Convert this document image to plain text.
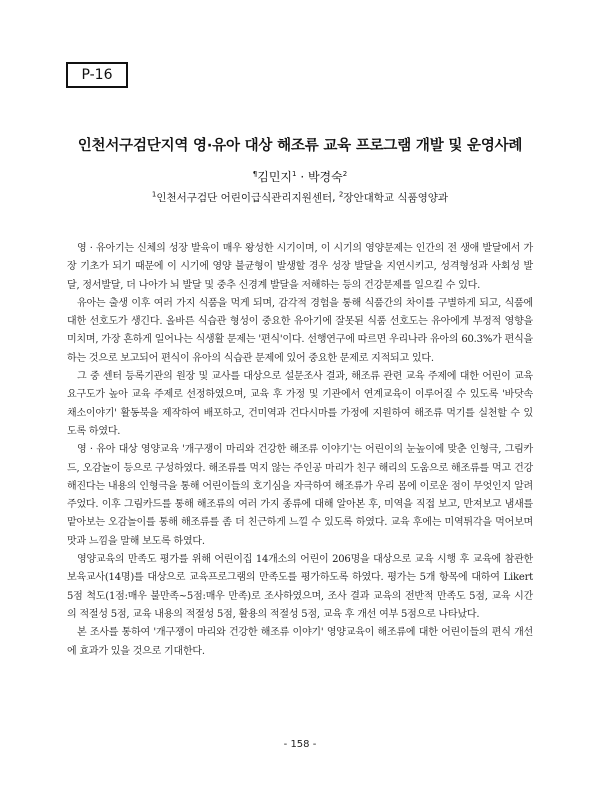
P-16
인천서구검단지역 영·유아 대상 해조류 교육 프로그램 개발 및 운영사례
¶김민지$^1$ · 박경숙$^2$
$^1$인천서구검단 어린이급식관리지원센터, $^2$장안대학교 식품영양과

영 · 유아기는 신체의 성장 발육이 매우 왕성한 시기이며, 이 시기의 영양문제는 인간의 전 생애 발달에서 가장 기초가 되기 때문에 이 시기에 영양 불균형이 발생할 경우 성장 발달을 지연시키고, 성격형성과 사회성 발달, 정서발달, 더 나아가 뇌 발달 및 중추 신경계 발달을 저해하는 등의 건강문제를 일으킬 수 있다.

유아는 출생 이후 여러 가지 식품을 먹게 되며, 감각적 경험을 통해 식품간의 차이를 구별하게 되고, 식품에 대한 선호도가 생긴다. 올바른 식습관 형성이 중요한 유아기에 잘못된 식품 선호도는 유아에게 부정적 영향을 미치며, 가장 흔하게 일어나는 식생활 문제는 '편식'이다. 선행연구에 따르면 우리나라 유아의 60.3%가 편식을 하는 것으로 보고되어 편식이 유아의 식습관 문제에 있어 중요한 문제로 지적되고 있다.

그 중 센터 등록기관의 원장 및 교사를 대상으로 설문조사 결과, 해조류 관련 교육 주제에 대한 어린이 교육 요구도가 높아 교육 주제로 선정하였으며, 교육 후 가정 및 기관에서 연계교육이 이루어질 수 있도록 '바닷속 채소이야기' 활동북을 제작하여 배포하고, 건미역과 건다시마를 가정에 지원하여 해조류 먹기를 실천할 수 있도록 하였다.

영 · 유아 대상 영양교육 '개구쟁이 마리와 건강한 해조류 이야기'는 어린이의 눈높이에 맞춘 인형극, 그림카드, 오감놀이 등으로 구성하였다. 해조류를 먹지 않는 주인공 마리가 친구 해리의 도움으로 해조류를 먹고 건강해진다는 내용의 인형극을 통해 어린이들의 호기심을 자극하여 해조류가 우리 몸에 이로운 점이 무엇인지 알려주었다. 이후 그림카드를 통해 해조류의 여러 가지 종류에 대해 알아본 후, 미역을 직접 보고, 만져보고 냄새를 맡아보는 오감놀이를 통해 해조류를 좀 더 친근하게 느낄 수 있도록 하였다. 교육 후에는 미역튀각을 먹어보며 맛과 느낌을 말해 보도록 하였다.

영양교육의 만족도 평가를 위해 어린이집 14개소의 어린이 206명을 대상으로 교육 시행 후 교육에 참관한 보육교사(14명)를 대상으로 교육프로그램의 만족도를 평가하도록 하였다. 평가는 5개 항목에 대하여 Likert 5점 척도(1점:매우 불만족~5점:매우 만족)로 조사하였으며, 조사 결과 교육의 전반적 만족도 5점, 교육 시간의 적절성 5점, 교육 내용의 적절성 5점, 활용의 적절성 5점, 교육 후 개선 여부 5점으로 나타났다.

본 조사를 통하여 '개구쟁이 마리와 건강한 해조류 이야기' 영양교육이 해조류에 대한 어린이들의 편식 개선에 효과가 있을 것으로 기대한다.

- 158 -
